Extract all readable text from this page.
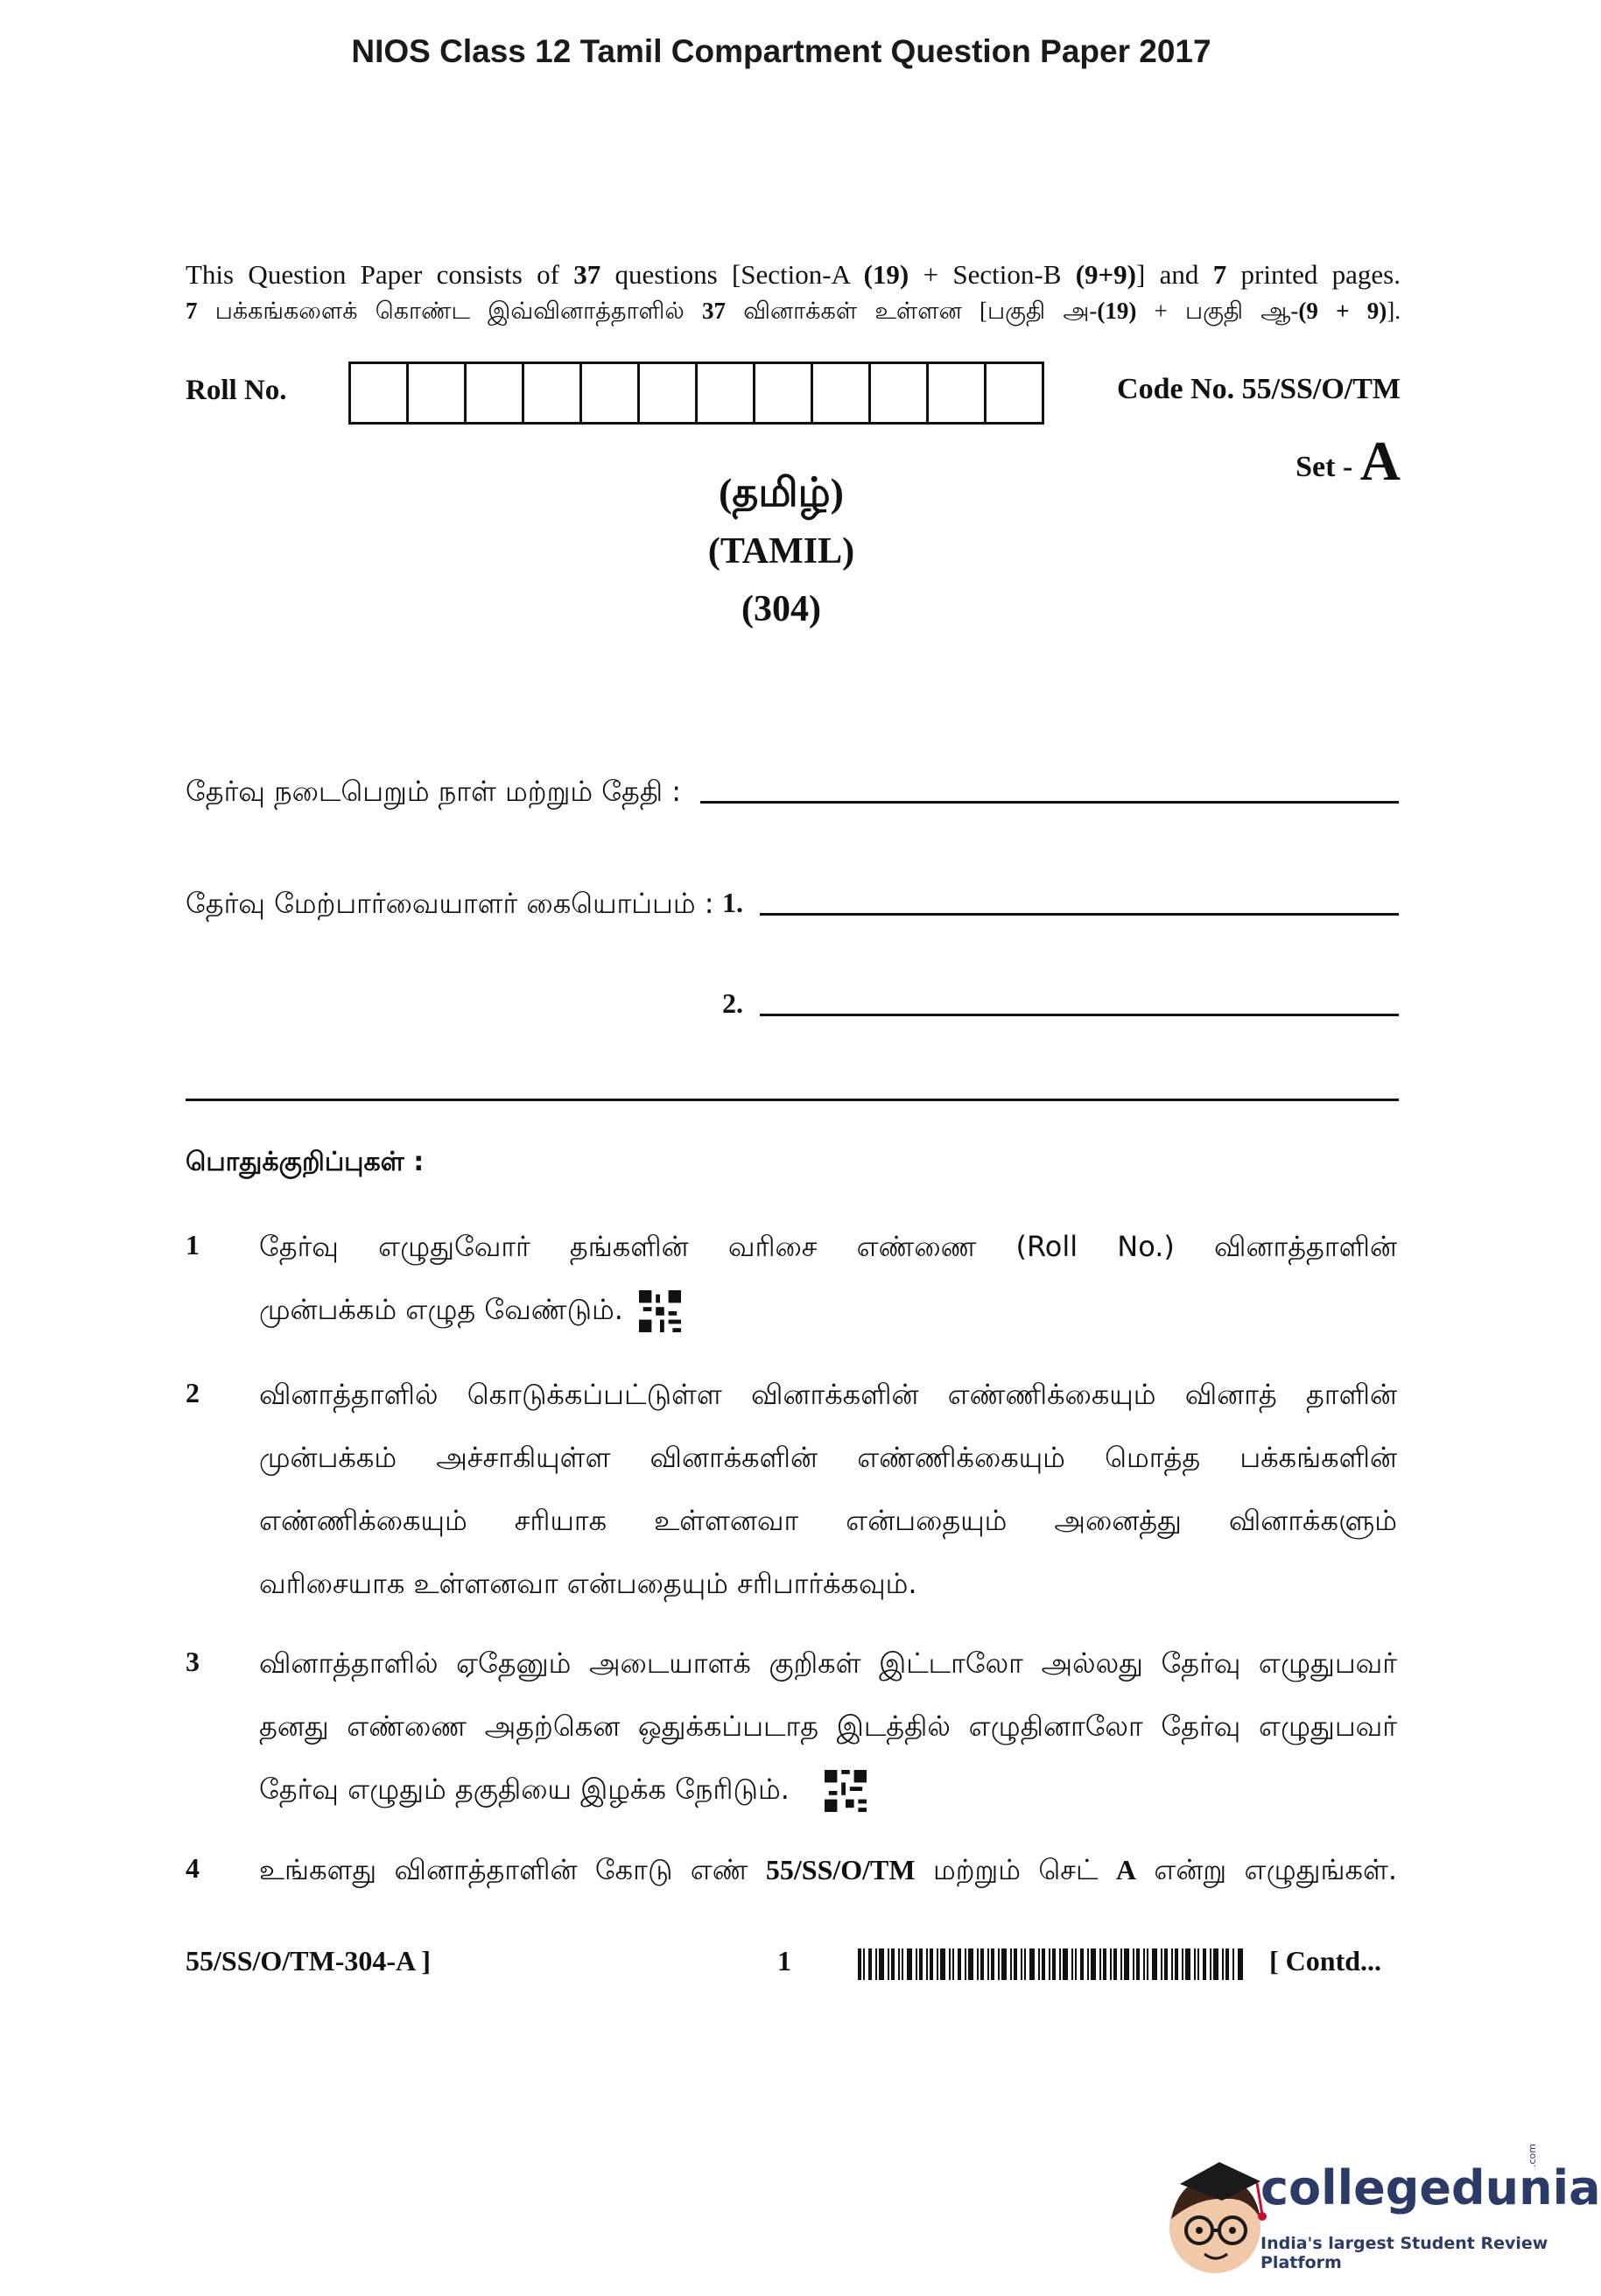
NIOS Class 12 Tamil Compartment Question Paper 2017
This Question Paper consists of 37 questions [Section-A (19) + Section-B (9+9)] and 7 printed pages.
7 பக்கங்களைக் கொண்ட இவ்வினாத்தாளில் 37 வினாக்கள் உள்ளன [பகுதி அ-(19) + பகுதி ஆ-(9 + 9)].
Roll No.	Code No. 55/SS/O/TM
Set - A
(தமிழ்)
(TAMIL)
(304)
தேர்வு நடைபெறும் நாள் மற்றும் தேதி :
தேர்வு மேற்பார்வையாளர் கையொப்பம் : 1.
2.
பொதுக்குறிப்புகள் :
1 தேர்வு எழுதுவோர் தங்களின் வரிசை எண்ணை (Roll No.) வினாத்தாளின்
முன்பக்கம் எழுத வேண்டும்.
2 வினாத்தாளில் கொடுக்கப்பட்டுள்ள வினாக்களின் எண்ணிக்கையும் வினாத் தாளின்
முன்பக்கம் அச்சாகியுள்ள வினாக்களின் எண்ணிக்கையும் மொத்த பக்கங்களின்
எண்ணிக்கையும் சரியாக உள்ளனவா என்பதையும் அனைத்து வினாக்களும்
வரிசையாக உள்ளனவா என்பதையும் சரிபார்க்கவும்.
3 வினாத்தாளில் ஏதேனும் அடையாளக் குறிகள் இட்டாலோ அல்லது தேர்வு எழுதுபவர்
தனது எண்ணை அதற்கென ஒதுக்கப்படாத இடத்தில் எழுதினாலோ தேர்வு எழுதுபவர்
தேர்வு எழுதும் தகுதியை இழக்க நேரிடும்.
4 உங்களது வினாத்தாளின் கோடு எண் 55/SS/O/TM மற்றும் செட் A என்று எழுதுங்கள்.
55/SS/O/TM-304-A ]	1	[ Contd...
collegedunia
India's largest Student Review Platform
.com
